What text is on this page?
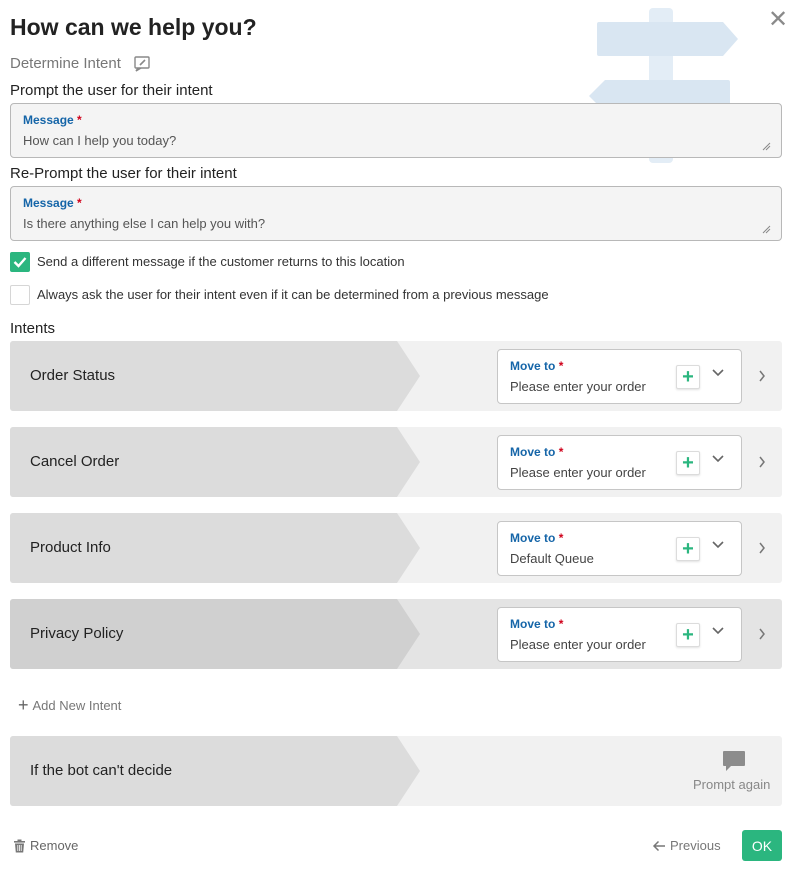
✕
How can we help you?
Determine Intent
Prompt the user for their intent
Message *
How can I help you today?
Re-Prompt the user for their intent
Message *
Is there anything else I can help you with?
Send a different message if the customer returns to this location
Always ask the user for their intent even if it can be determined from a previous message
Intents
Order Status
Move to *
Please enter your order	+
Cancel Order
Move to *
Please enter your order	+
Product Info
Move to *
Default Queue	+
Privacy Policy
Move to *
Please enter your order	+
+ Add New Intent
If the bot can't decide
Prompt again
Remove	Previous	OK
